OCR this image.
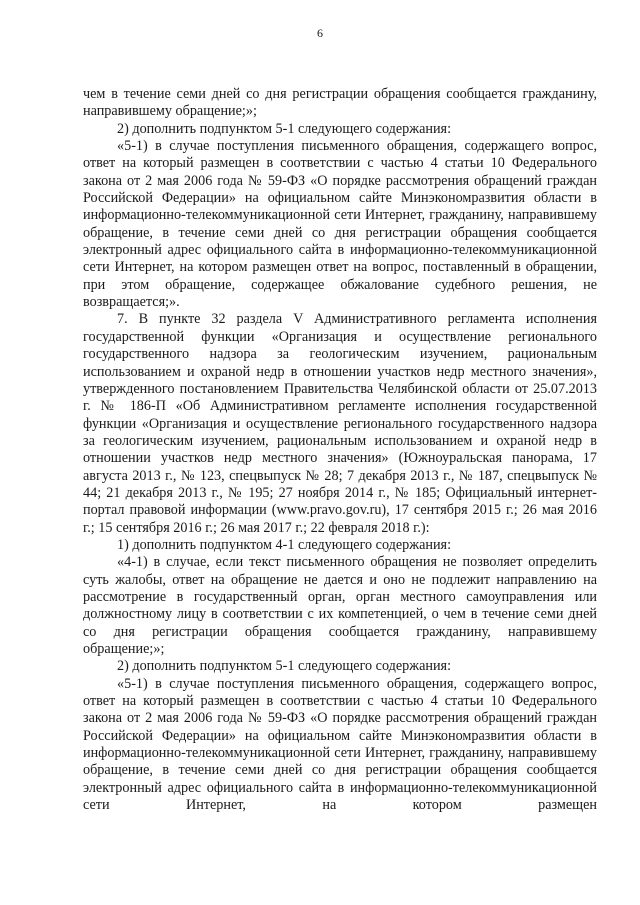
6

чем в течение семи дней со дня регистрации обращения сообщается гражданину, направившему обращение;»;

2) дополнить подпунктом 5-1 следующего содержания:

«5-1) в случае поступления письменного обращения, содержащего вопрос, ответ на который размещен в соответствии с частью 4 статьи 10 Федерального закона от 2 мая 2006 года № 59-ФЗ «О порядке рассмотрения обращений граждан Российской Федерации» на официальном сайте Минэкономразвития области в информационно-телекоммуникационной сети Интернет, гражданину, направившему обращение, в течение семи дней со дня регистрации обращения сообщается электронный адрес официального сайта в информационно-телекоммуникационной сети Интернет, на котором размещен ответ на вопрос, поставленный в обращении, при этом обращение, содержащее обжалование судебного решения, не возвращается;».

7. В пункте 32 раздела V Административного регламента исполнения государственной функции «Организация и осуществление регионального государственного надзора за геологическим изучением, рациональным использованием и охраной недр в отношении участков недр местного значения», утвержденного постановлением Правительства Челябинской области от 25.07.2013 г. № 186-П «Об Административном регламенте исполнения государственной функции «Организация и осуществление регионального государственного надзора за геологическим изучением, рациональным использованием и охраной недр в отношении участков недр местного значения» (Южноуральская панорама, 17 августа 2013 г., № 123, спецвыпуск № 28; 7 декабря 2013 г., № 187, спецвыпуск № 44; 21 декабря 2013 г., № 195; 27 ноября 2014 г., № 185; Официальный интернет-портал правовой информации (www.pravo.gov.ru), 17 сентября 2015 г.; 26 мая 2016 г.; 15 сентября 2016 г.; 26 мая 2017 г.; 22 февраля 2018 г.):

1) дополнить подпунктом 4-1 следующего содержания:

«4-1) в случае, если текст письменного обращения не позволяет определить суть жалобы, ответ на обращение не дается и оно не подлежит направлению на рассмотрение в государственный орган, орган местного самоуправления или должностному лицу в соответствии с их компетенцией, о чем в течение семи дней со дня регистрации обращения сообщается гражданину, направившему обращение;»;

2) дополнить подпунктом 5-1 следующего содержания:

«5-1) в случае поступления письменного обращения, содержащего вопрос, ответ на который размещен в соответствии с частью 4 статьи 10 Федерального закона от 2 мая 2006 года № 59-ФЗ «О порядке рассмотрения обращений граждан Российской Федерации» на официальном сайте Минэкономразвития области в информационно-телекоммуникационной сети Интернет, гражданину, направившему обращение, в течение семи дней со дня регистрации обращения сообщается электронный адрес официального сайта в информационно-телекоммуникационной сети Интернет, на котором размещен
